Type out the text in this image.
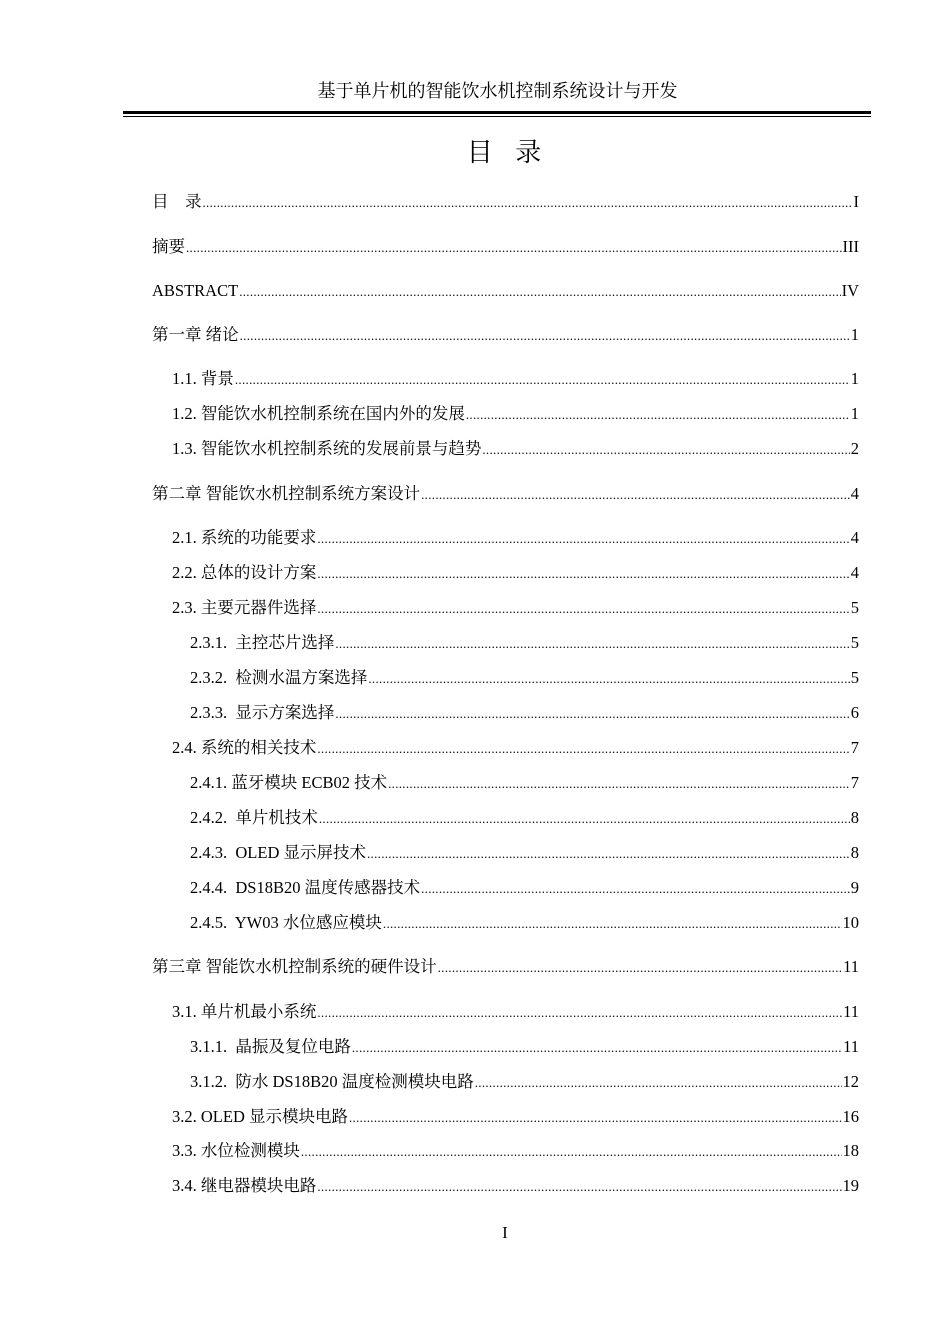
基于单片机的智能饮水机控制系统设计与开发
目  录
目    录 .....	I
摘要 .....	III
ABSTRACT .....	IV
第一章 绪论 .....	1
1.1. 背景 .....	1
1.2. 智能饮水机控制系统在国内外的发展 .....	1
1.3. 智能饮水机控制系统的发展前景与趋势 .....	2
第二章 智能饮水机控制系统方案设计 .....	4
2.1. 系统的功能要求 .....	4
2.2. 总体的设计方案 .....	4
2.3. 主要元器件选择 .....	5
2.3.1.  主控芯片选择 .....	5
2.3.2.  检测水温方案选择 .....	5
2.3.3.  显示方案选择 .....	6
2.4. 系统的相关技术 .....	7
2.4.1. 蓝牙模块 ECB02 技术 .....	7
2.4.2.  单片机技术 .....	8
2.4.3.  OLED 显示屏技术 .....	8
2.4.4.  DS18B20 温度传感器技术 .....	9
2.4.5.  YW03 水位感应模块 .....	10
第三章 智能饮水机控制系统的硬件设计 .....	11
3.1. 单片机最小系统 .....	11
3.1.1.  晶振及复位电路 .....	11
3.1.2.  防水 DS18B20 温度检测模块电路 .....	12
3.2. OLED 显示模块电路 .....	16
3.3. 水位检测模块 .....	18
3.4. 继电器模块电路 .....	19
I
